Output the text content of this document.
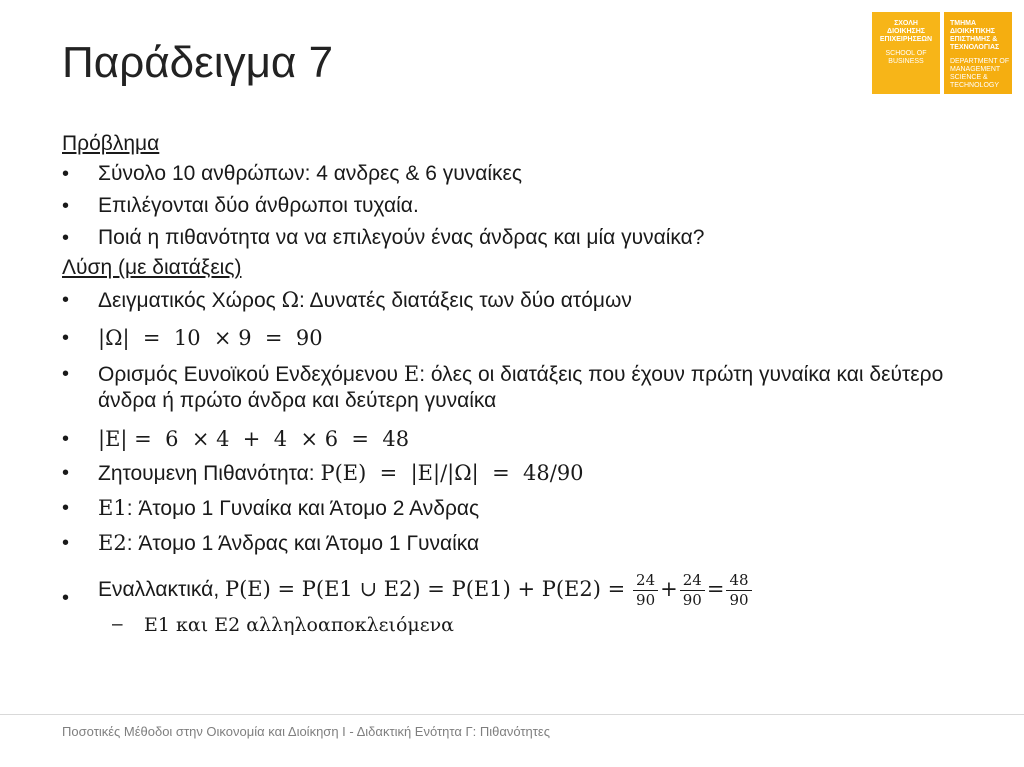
Παράδειγμα 7
ΣΧΟΛΗ
ΔΙΟΙΚΗΣΗΣ
ΕΠΙΧΕΙΡΗΣΕΩΝ
SCHOOL OF
BUSINESS
ΤΜΗΜΑ
ΔΙΟΙΚΗΤΙΚΗΣ
ΕΠΙΣΤΗΜΗΣ &
ΤΕΧΝΟΛΟΓΙΑΣ
DEPARTMENT OF
MANAGEMENT
SCIENCE &
TECHNOLOGY
Πρόβλημα
• Σύνολο 10 ανθρώπων: 4 ανδρες & 6 γυναίκες
• Επιλέγονται δύο άνθρωποι τυχαία.
• Ποιά η πιθανότητα να να επιλεγούν ένας άνδρας και μία γυναίκα?
Λύση (με διατάξεις)
• Δειγματικός Χώρος Ω: Δυνατές διατάξεις των δύο ατόμων
• |Ω|  =  10  × 9  =  90
• Ορισμός Ευνοϊκού Ενδεχόμενου E: όλες οι διατάξεις που έχουν πρώτη γυναίκα και δεύτερο άνδρα ή πρώτο άνδρα και δεύτερη γυναίκα
• |E| =  6  × 4  +  4  × 6  =  48
• Ζητουμενη Πιθανότητα: P(E)  =  |E|/|Ω|  =  48/90
• E1: Άτομο 1 Γυναίκα και Άτομο 2 Ανδρας
• E2: Άτομο 1 Άνδρας και Άτομο 1 Γυναίκα
• Εναλλακτικά, P(E) = P(E1 ∪ $E2) = P(E1) + P(E2) = \frac{24}{90} + \frac{24}{90} = \frac{48}{90}$
– E1 και E2 αλληλοαποκλειόμενα
Ποσοτικές Μέθοδοι στην Οικονομία και Διοίκηση Ι - Διδακτική Ενότητα Γ: Πιθανότητες
